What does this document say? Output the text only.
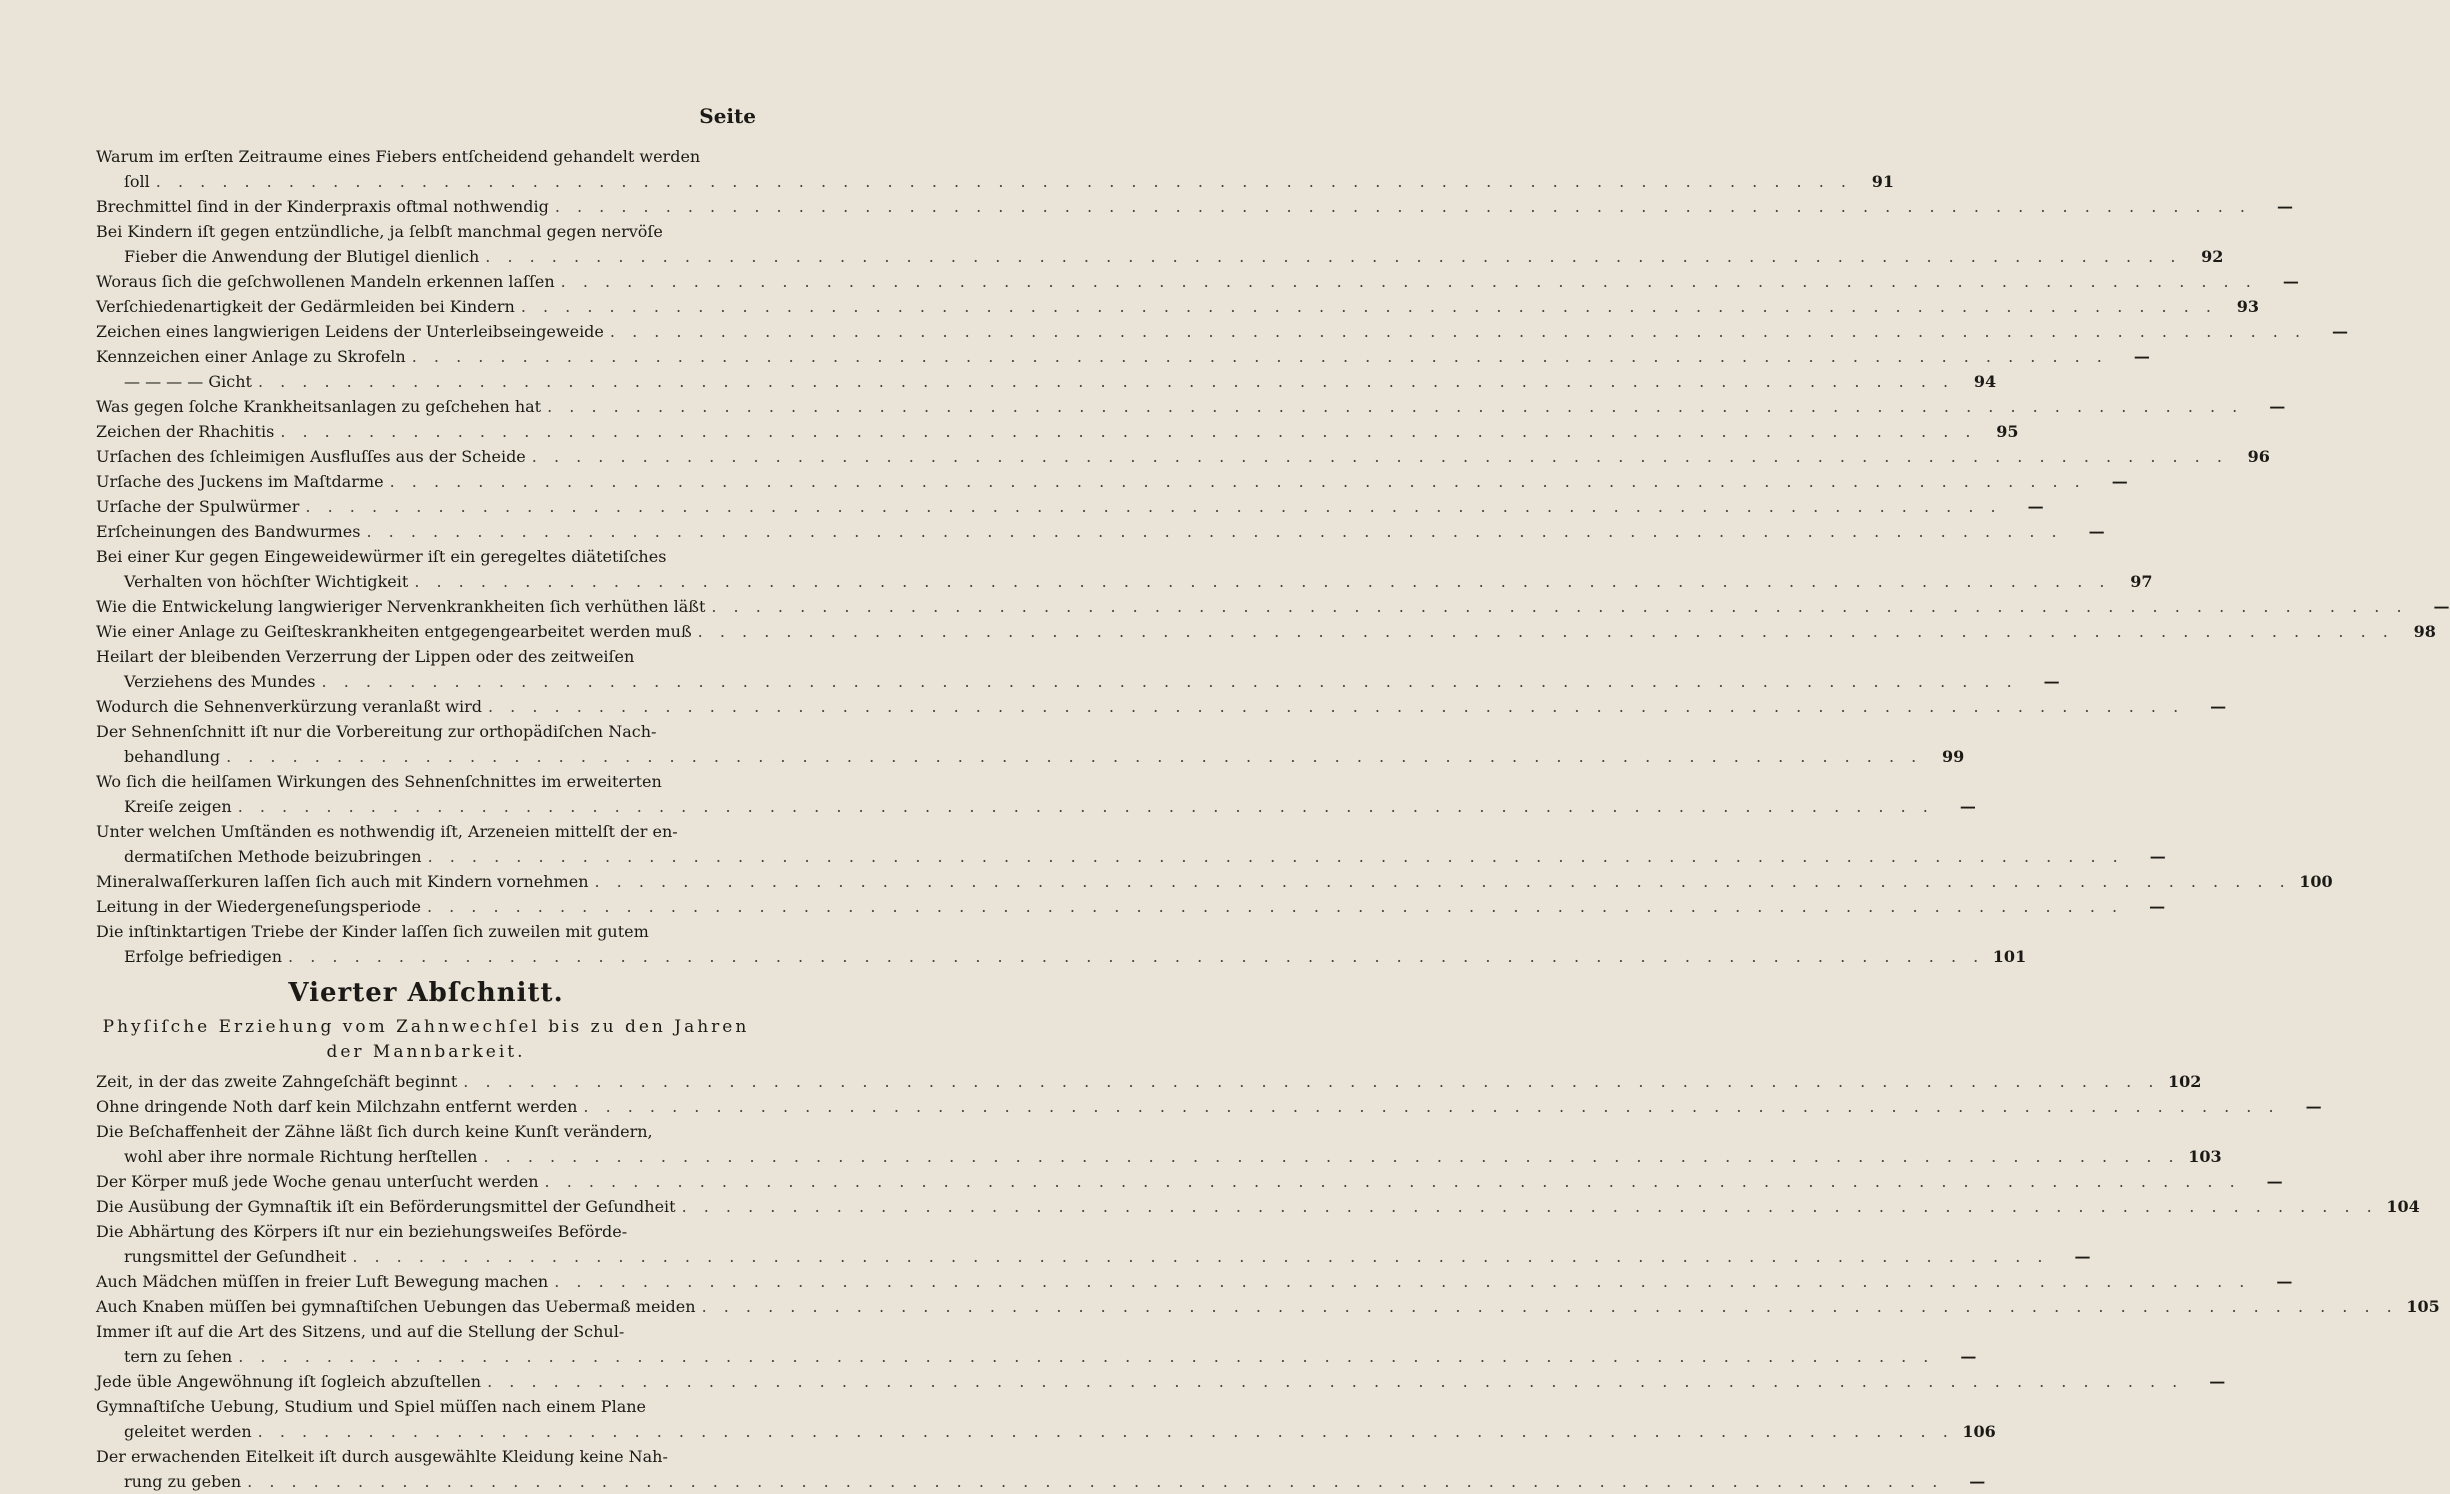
Seite
Warum im erſten Zeitraume eines Fiebers entſcheidend gehandelt werden
ſoll . . .	91
Brechmittel ſind in der Kinderpraxis oftmal nothwendig . . .	—
Bei Kindern iſt gegen entzündliche, ja ſelbſt manchmal gegen nervöſe
Fieber die Anwendung der Blutigel dienlich . . .	92
Woraus ſich die geſchwollenen Mandeln erkennen laſſen . . .	—
Verſchiedenartigkeit der Gedärmleiden bei Kindern . . .	93
Zeichen eines langwierigen Leidens der Unterleibseingeweide . . .	—
Kennzeichen einer Anlage zu Skrofeln . . .	—
— — — — Gicht . . .	94
Was gegen ſolche Krankheitsanlagen zu geſchehen hat . . .	—
Zeichen der Rhachitis . . .	95
Urſachen des ſchleimigen Ausfluſſes aus der Scheide . . .	96
Urſache des Juckens im Maſtdarme . . .	—
Urſache der Spulwürmer . . .	—
Erſcheinungen des Bandwurmes . . .	—
Bei einer Kur gegen Eingeweidewürmer iſt ein geregeltes diätetiſches
Verhalten von höchſter Wichtigkeit . . .	97
Wie die Entwickelung langwieriger Nervenkrankheiten ſich verhüthen läßt . . .	—
Wie einer Anlage zu Geiſteskrankheiten entgegengearbeitet werden muß . . .	98
Heilart der bleibenden Verzerrung der Lippen oder des zeitweiſen
Verziehens des Mundes . . .	—
Wodurch die Sehnenverkürzung veranlaßt wird . . .	—
Der Sehnenſchnitt iſt nur die Vorbereitung zur orthopädiſchen Nach-
behandlung . . .	99
Wo ſich die heilſamen Wirkungen des Sehnenſchnittes im erweiterten
Kreiſe zeigen . . .	—
Unter welchen Umſtänden es nothwendig iſt, Arzeneien mittelſt der en-
dermatiſchen Methode beizubringen . . .	—
Mineralwaſſerkuren laſſen ſich auch mit Kindern vornehmen . . .	100
Leitung in der Wiedergeneſungsperiode . . .	—
Die inſtinktartigen Triebe der Kinder laſſen ſich zuweilen mit gutem
Erfolge befriedigen . . .	101
Vierter Abſchnitt.
Phyſiſche Erziehung vom Zahnwechſel bis zu den Jahren
der Mannbarkeit.
Zeit, in der das zweite Zahngeſchäft beginnt . . .	102
Ohne dringende Noth darf kein Milchzahn entfernt werden . . .	—
Die Beſchaffenheit der Zähne läßt ſich durch keine Kunſt verändern,
wohl aber ihre normale Richtung herſtellen . . .	103
Der Körper muß jede Woche genau unterſucht werden . . .	—
Die Ausübung der Gymnaſtik iſt ein Beförderungsmittel der Geſundheit . . .	104
Die Abhärtung des Körpers iſt nur ein beziehungsweiſes Beförde-
rungsmittel der Geſundheit . . .	—
Auch Mädchen müſſen in freier Luft Bewegung machen . . .	—
Auch Knaben müſſen bei gymnaſtiſchen Uebungen das Uebermaß meiden . . .	105
Immer iſt auf die Art des Sitzens, und auf die Stellung der Schul-
tern zu ſehen . . .	—
Jede üble Angewöhnung iſt ſogleich abzuſtellen . . .	—
Gymnaſtiſche Uebung, Studium und Spiel müſſen nach einem Plane
geleitet werden . . .	106
Der erwachenden Eitelkeit iſt durch ausgewählte Kleidung keine Nah-
rung zu geben . . .	—
